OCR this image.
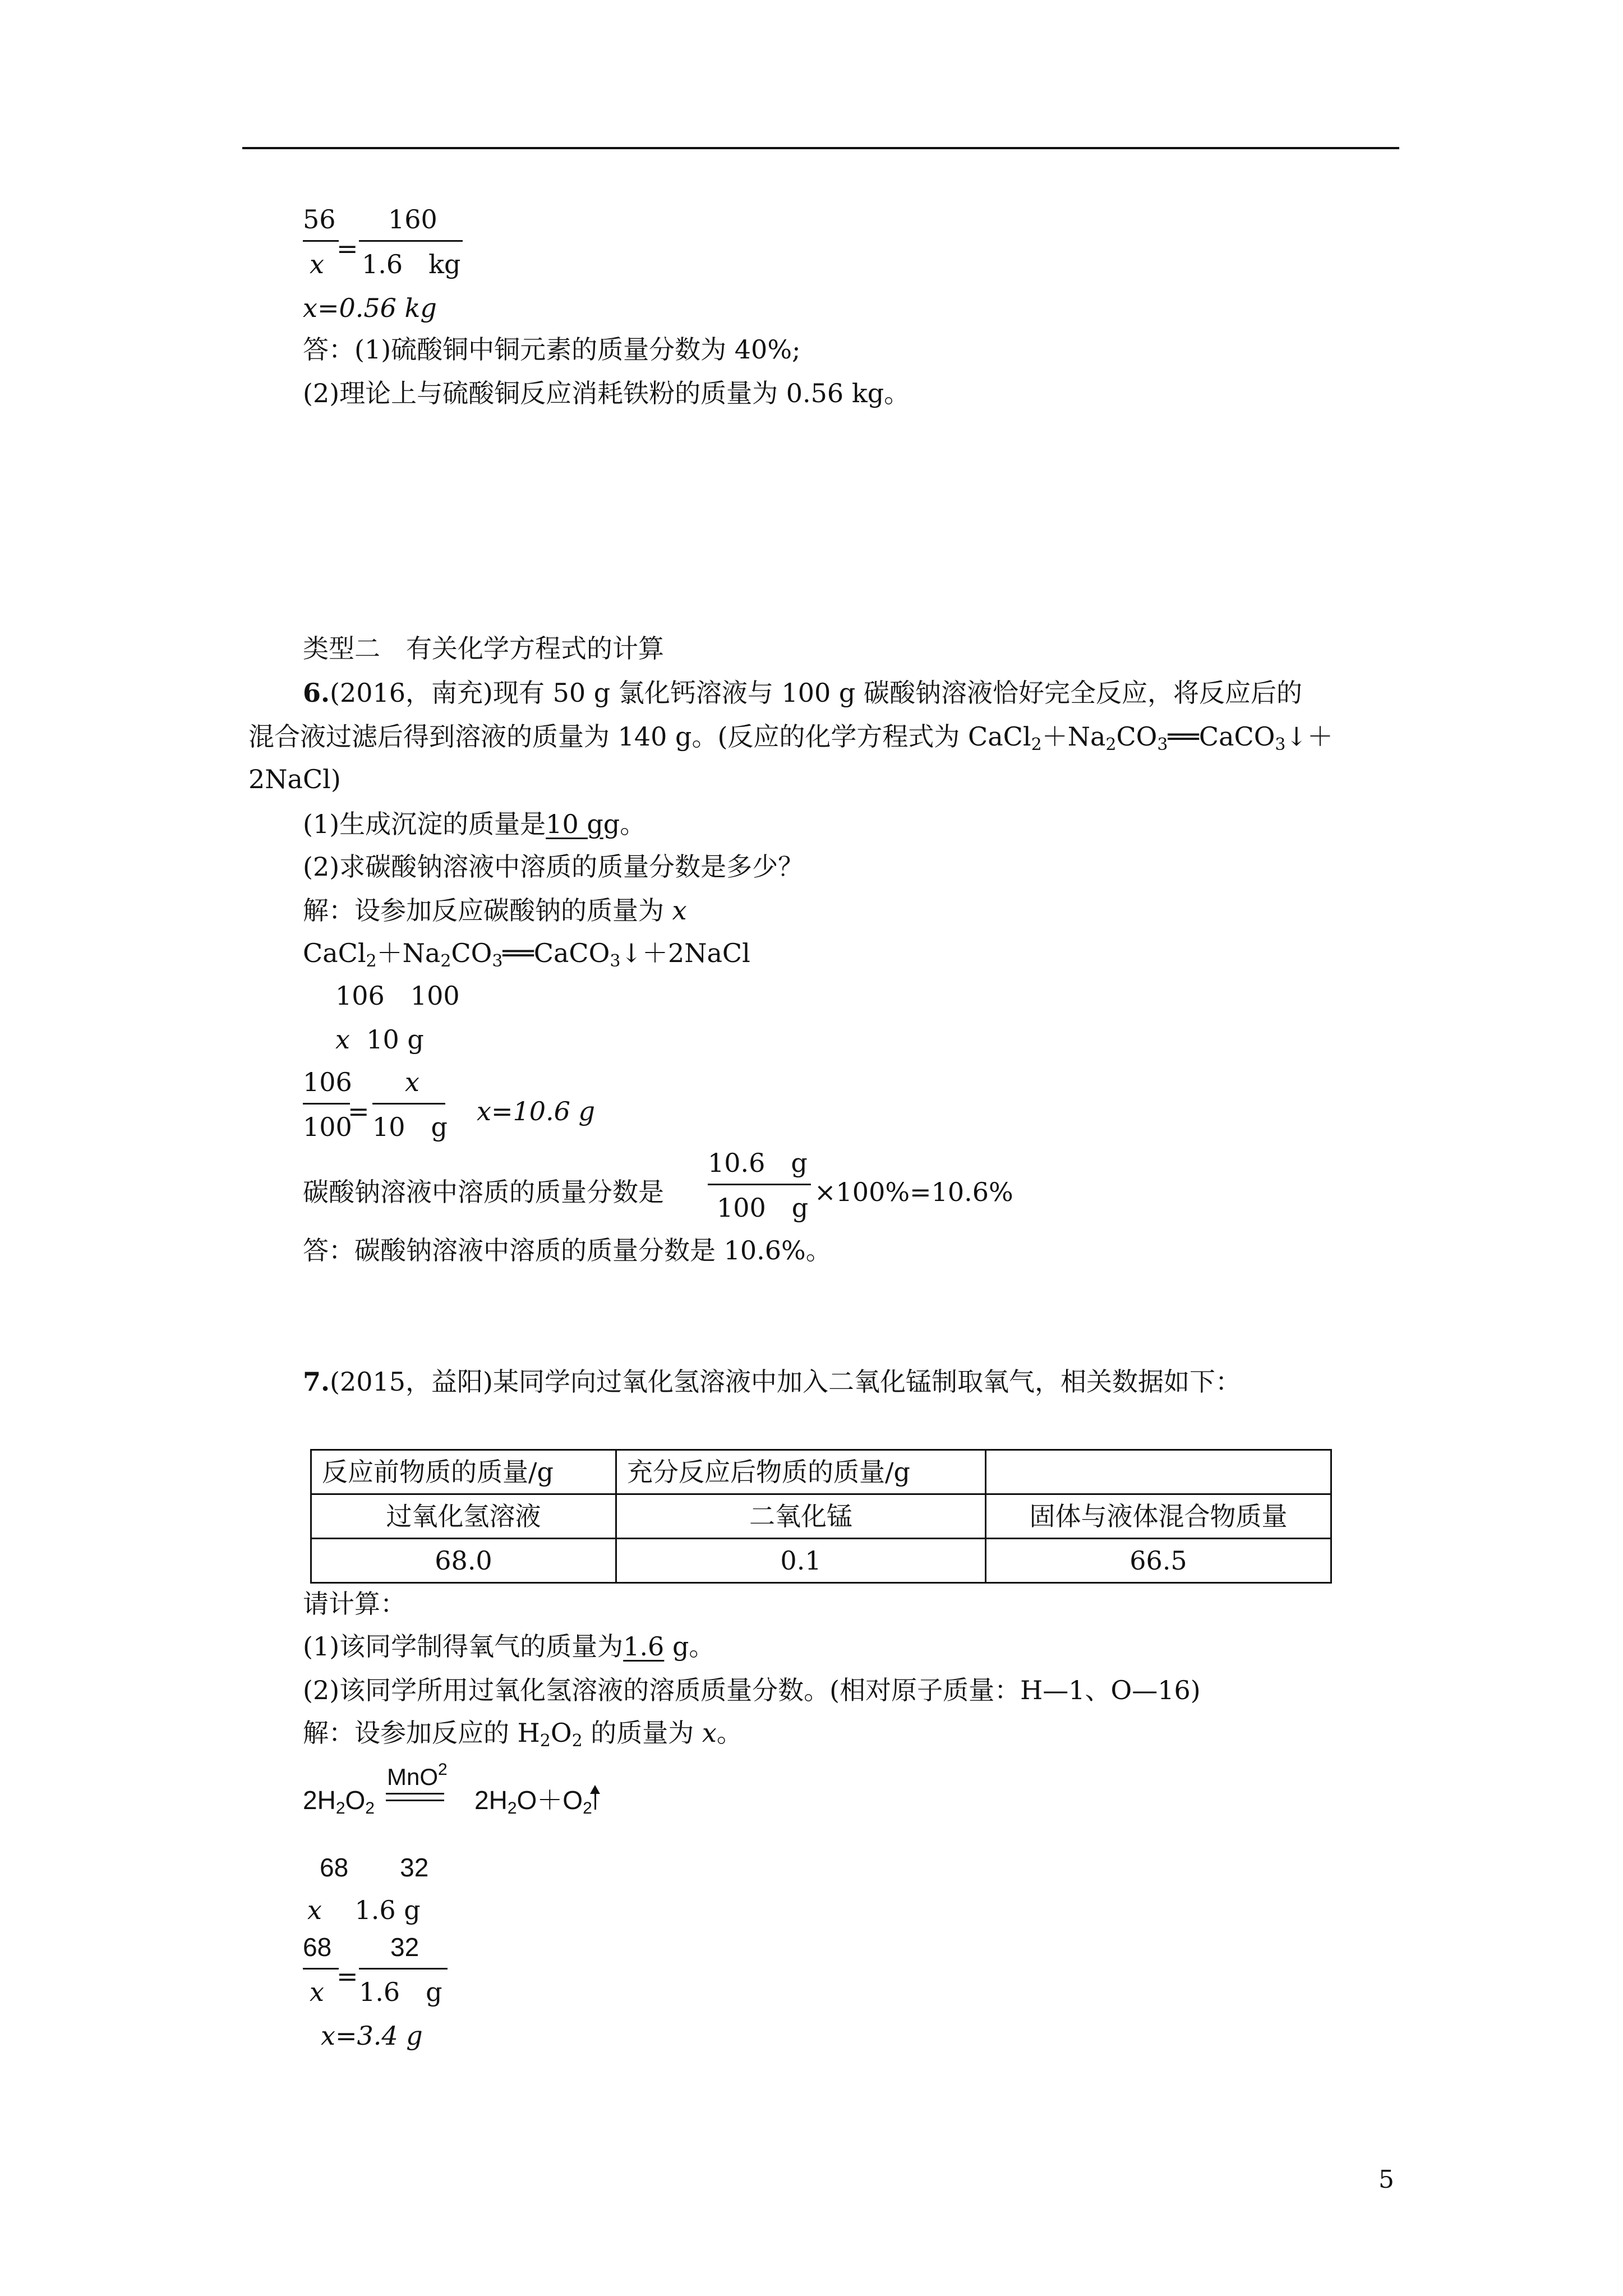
56
x
=
160
1.6　kg
x=0.56 kg
答：(1)硫酸铜中铜元素的质量分数为 40%;
(2)理论上与硫酸铜反应消耗铁粉的质量为 0.56 kg。
类型二　有关化学方程式的计算
6.(2016，南充)现有 50 g 氯化钙溶液与 100 g 碳酸钠溶液恰好完全反应，将反应后的
混合液过滤后得到溶液的质量为 140 g。(反应的化学方程式为 $CaCl_2+Na_2CO_3══CaCO_3↓+$
2NaCl)
(1)生成沉淀的质量是10 gg。
(2)求碳酸钠溶液中溶质的质量分数是多少？
解：设参加反应碳酸钠的质量为 x
$CaCl_2+Na_2CO_3══CaCO_3↓+2NaCl$
106　100
x 10 g
106
100
=
x
10　g
x=10.6 g
碳酸钠溶液中溶质的质量分数是
10.6　g
100　g
×100%=10.6%
答：碳酸钠溶液中溶质的质量分数是 10.6%。
7.(2015，益阳)某同学向过氧化氢溶液中加入二氧化锰制取氧气，相关数据如下：
反应前物质的质量/g	充分反应后物质的质量/g	
过氧化氢溶液	二氧化锰	固体与液体混合物质量
68.0	0.1	66.5
请计算：
(1)该同学制得氧气的质量为1.6 g。
(2)该同学所用过氧化氢溶液的溶质质量分数。(相对原子质量：H—1、O—16)
解：设参加反应的 $H_2O_2$ 的质量为 x。
$2H_2O_2$
MnO$^2$
$2H_2O+O_2$
68　　32
x 1.6 g
68
x
=
32
1.6　g
x=3.4 g
5
